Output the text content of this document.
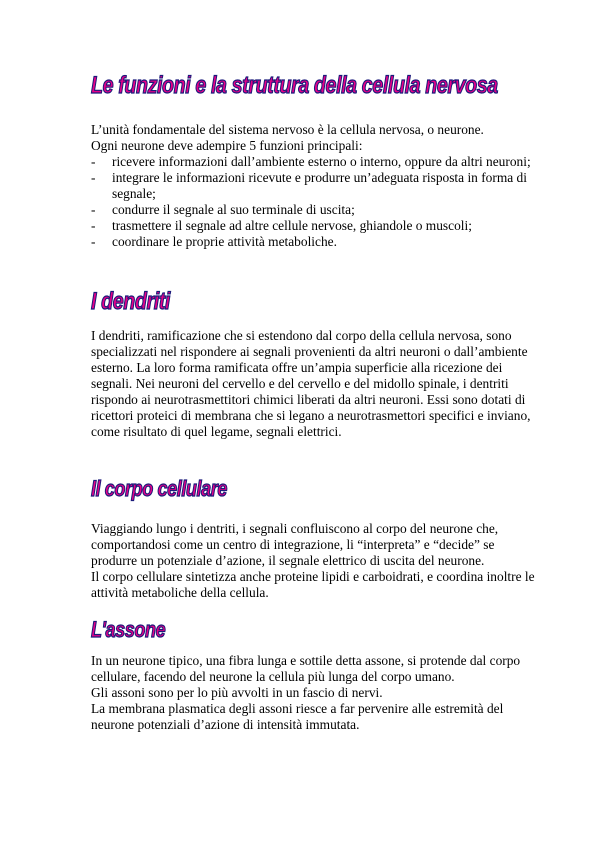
Le funzioni e la struttura della cellula nervosa

L’unità fondamentale del sistema nervoso è la cellula nervosa, o neurone.

Ogni neurone deve adempire 5 funzioni principali:

- ricevere informazioni dall’ambiente esterno o interno, oppure da altri neuroni;
- integrare le informazioni ricevute e produrre un’adeguata risposta in forma di segnale;
- condurre il segnale al suo terminale di uscita;
- trasmettere il segnale ad altre cellule nervose, ghiandole o muscoli;
- coordinare le proprie attività metaboliche.
I dendriti

I dendriti, ramificazione che si estendono dal corpo della cellula nervosa, sono specializzati nel rispondere ai segnali provenienti da altri neuroni o dall’ambiente esterno. La loro forma ramificata offre un’ampia superficie alla ricezione dei segnali. Nei neuroni del cervello e del cervello e del midollo spinale, i dentriti rispondo ai neurotrasmettitori chimici liberati da altri neuroni. Essi sono dotati di ricettori proteici di membrana che si legano a neurotrasmettori specifici e inviano, come risultato di quel legame, segnali elettrici.

Il corpo cellulare

Viaggiando lungo i dentriti, i segnali confluiscono al corpo del neurone che, comportandosi come un centro di integrazione, li “interpreta” e “decide” se produrre un potenziale d’azione, il segnale elettrico di uscita del neurone.

Il corpo cellulare sintetizza anche proteine lipidi e carboidrati, e coordina inoltre le attività metaboliche della cellula.

L'assone

In un neurone tipico, una fibra lunga e sottile detta assone, si protende dal corpo cellulare, facendo del neurone la cellula più lunga del corpo umano.

Gli assoni sono per lo più avvolti in un fascio di nervi.

La membrana plasmatica degli assoni riesce a far pervenire alle estremità del neurone potenziali d’azione di intensità immutata.
